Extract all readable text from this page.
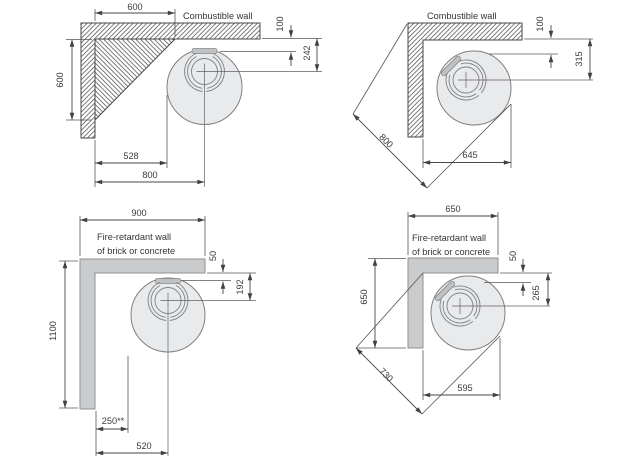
600
600
100
242
528
800
Combustible wall
100
315
800
645
Combustible wall
900
1100
50
192
250**
520
Fire-retardant wall
of brick or concrete
650
650
50
265
730
595
Fire-retardant wall
of brick or concrete
